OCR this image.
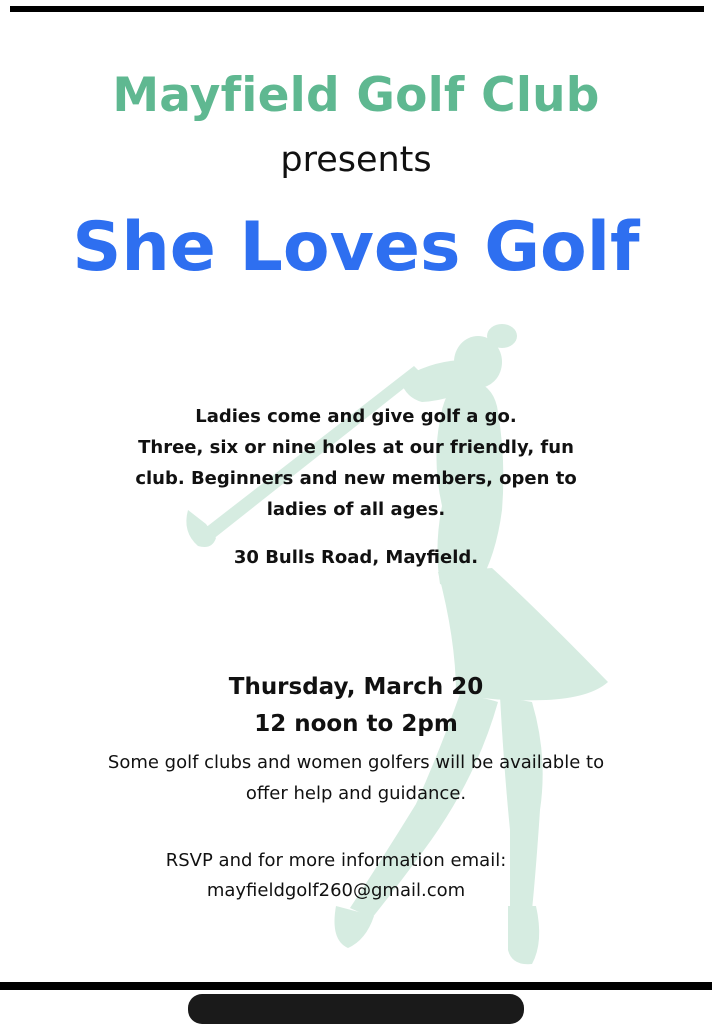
Mayfield Golf Club
presents
She Loves Golf
Ladies come and give golf a go.
Three, six or nine holes at our friendly, fun
club. Beginners and new members, open to
ladies of all ages.
30 Bulls Road, Mayfield.
Thursday, March 20
12 noon to 2pm
Some golf clubs and women golfers will be available to
offer help and guidance.
RSVP and for more information email:
mayfieldgolf260@gmail.com
